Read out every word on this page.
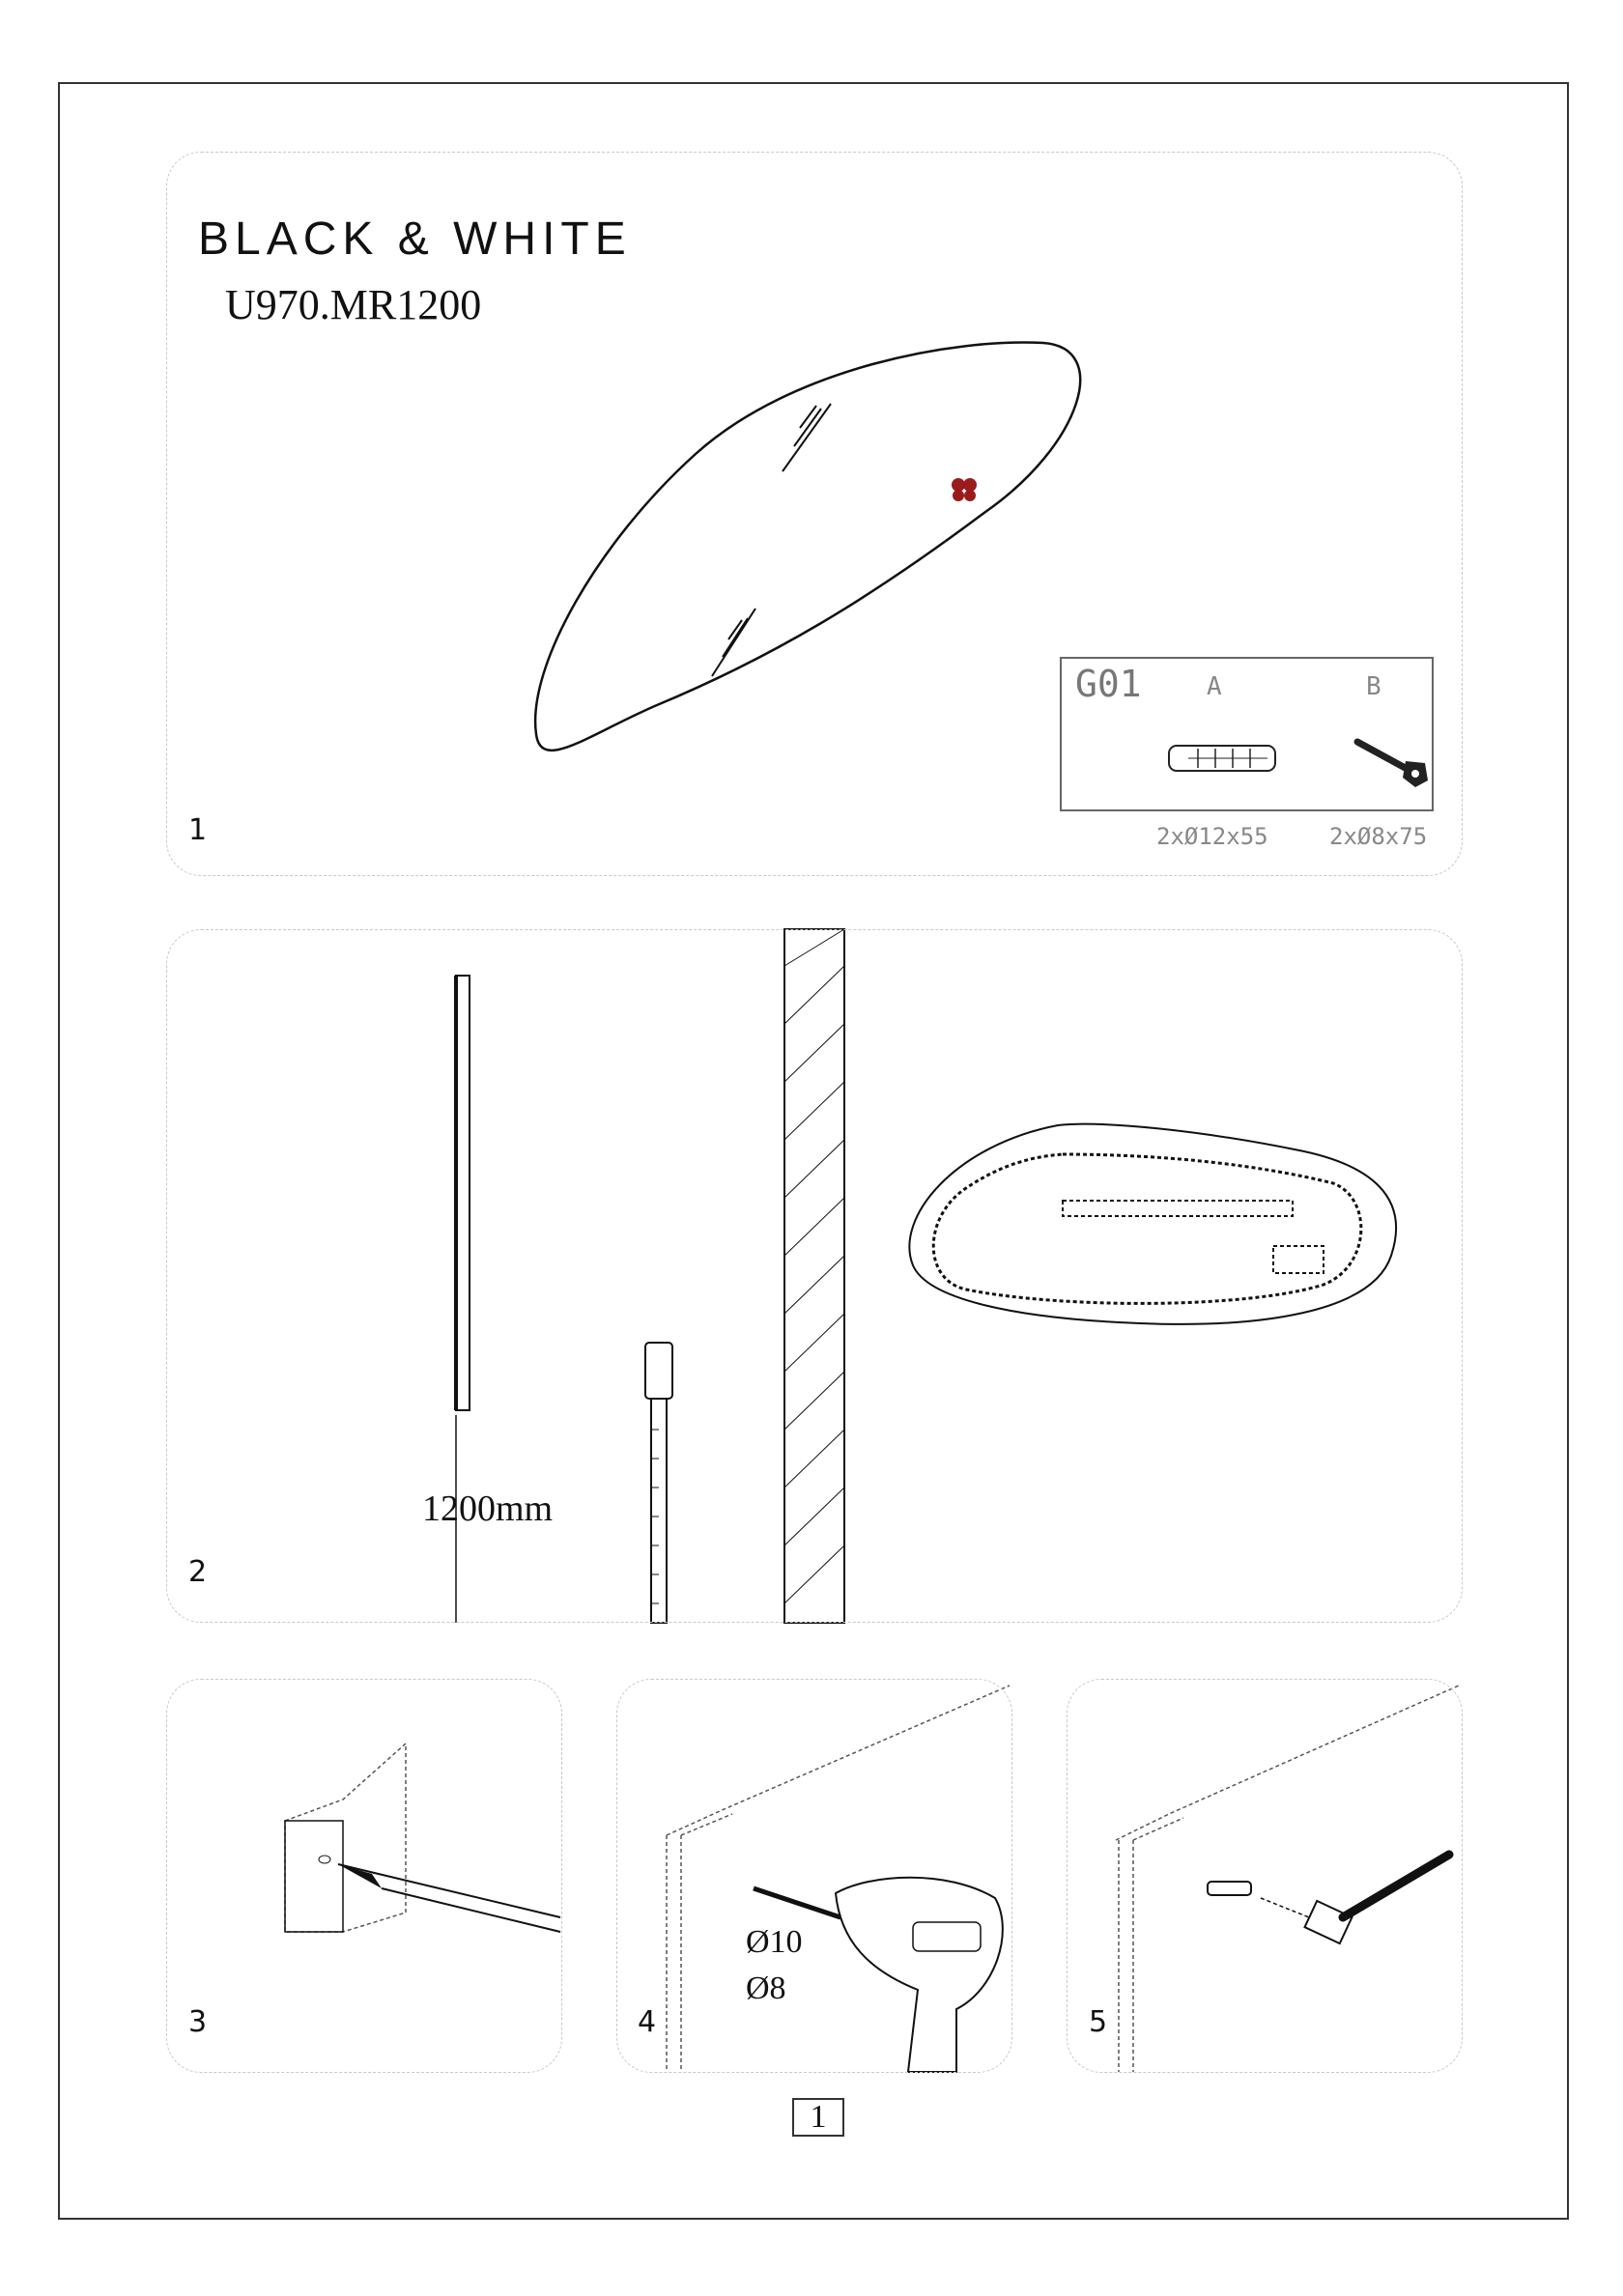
BLACK & WHITE
U970.MR1200
G01	A	B
2xØ12x55	2xØ8x75
1
1200mm
2
3	4	5
Ø10
Ø8
1
